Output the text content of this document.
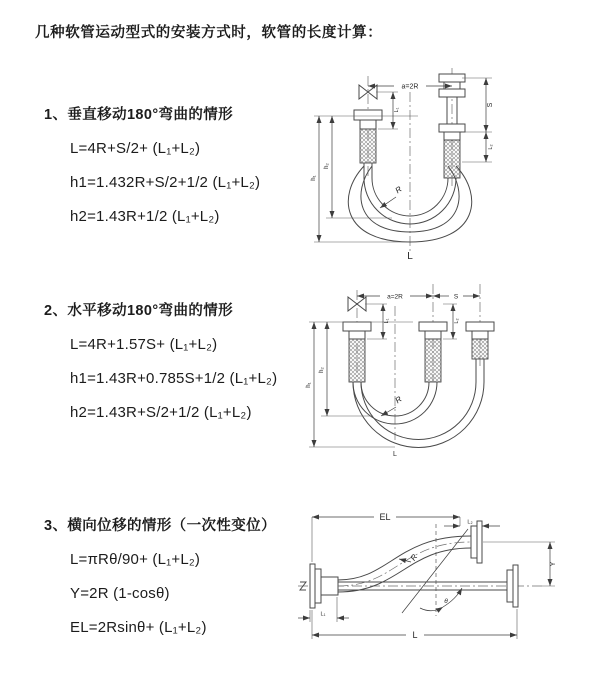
几种软管运动型式的安装方式时，软管的长度计算：
1、垂直移动180°弯曲的情形
L=4R+S/2+ (L₁+L₂)
h1=1.432R+S/2+1/2 (L₁+L₂)
h2=1.43R+1/2 (L₁+L₂)
a=2R
S
L₂
h₂
h₁
L₁
R
L
2、水平移动180°弯曲的情形
L=4R+1.57S+ (L₁+L₂)
h1=1.43R+0.785S+1/2 (L₁+L₂)
h2=1.43R+S/2+1/2 (L₁+L₂)
a=2R	S
h₂
h₁
L₁	L₂
R
L
3、横向位移的情形（一次性变位）
L=πRθ/90+ (L₁+L₂)
Y=2R (1-cosθ)
EL=2Rsinθ+ (L₁+L₂)
EL
L₂
Y
R
θ
L₁
L
